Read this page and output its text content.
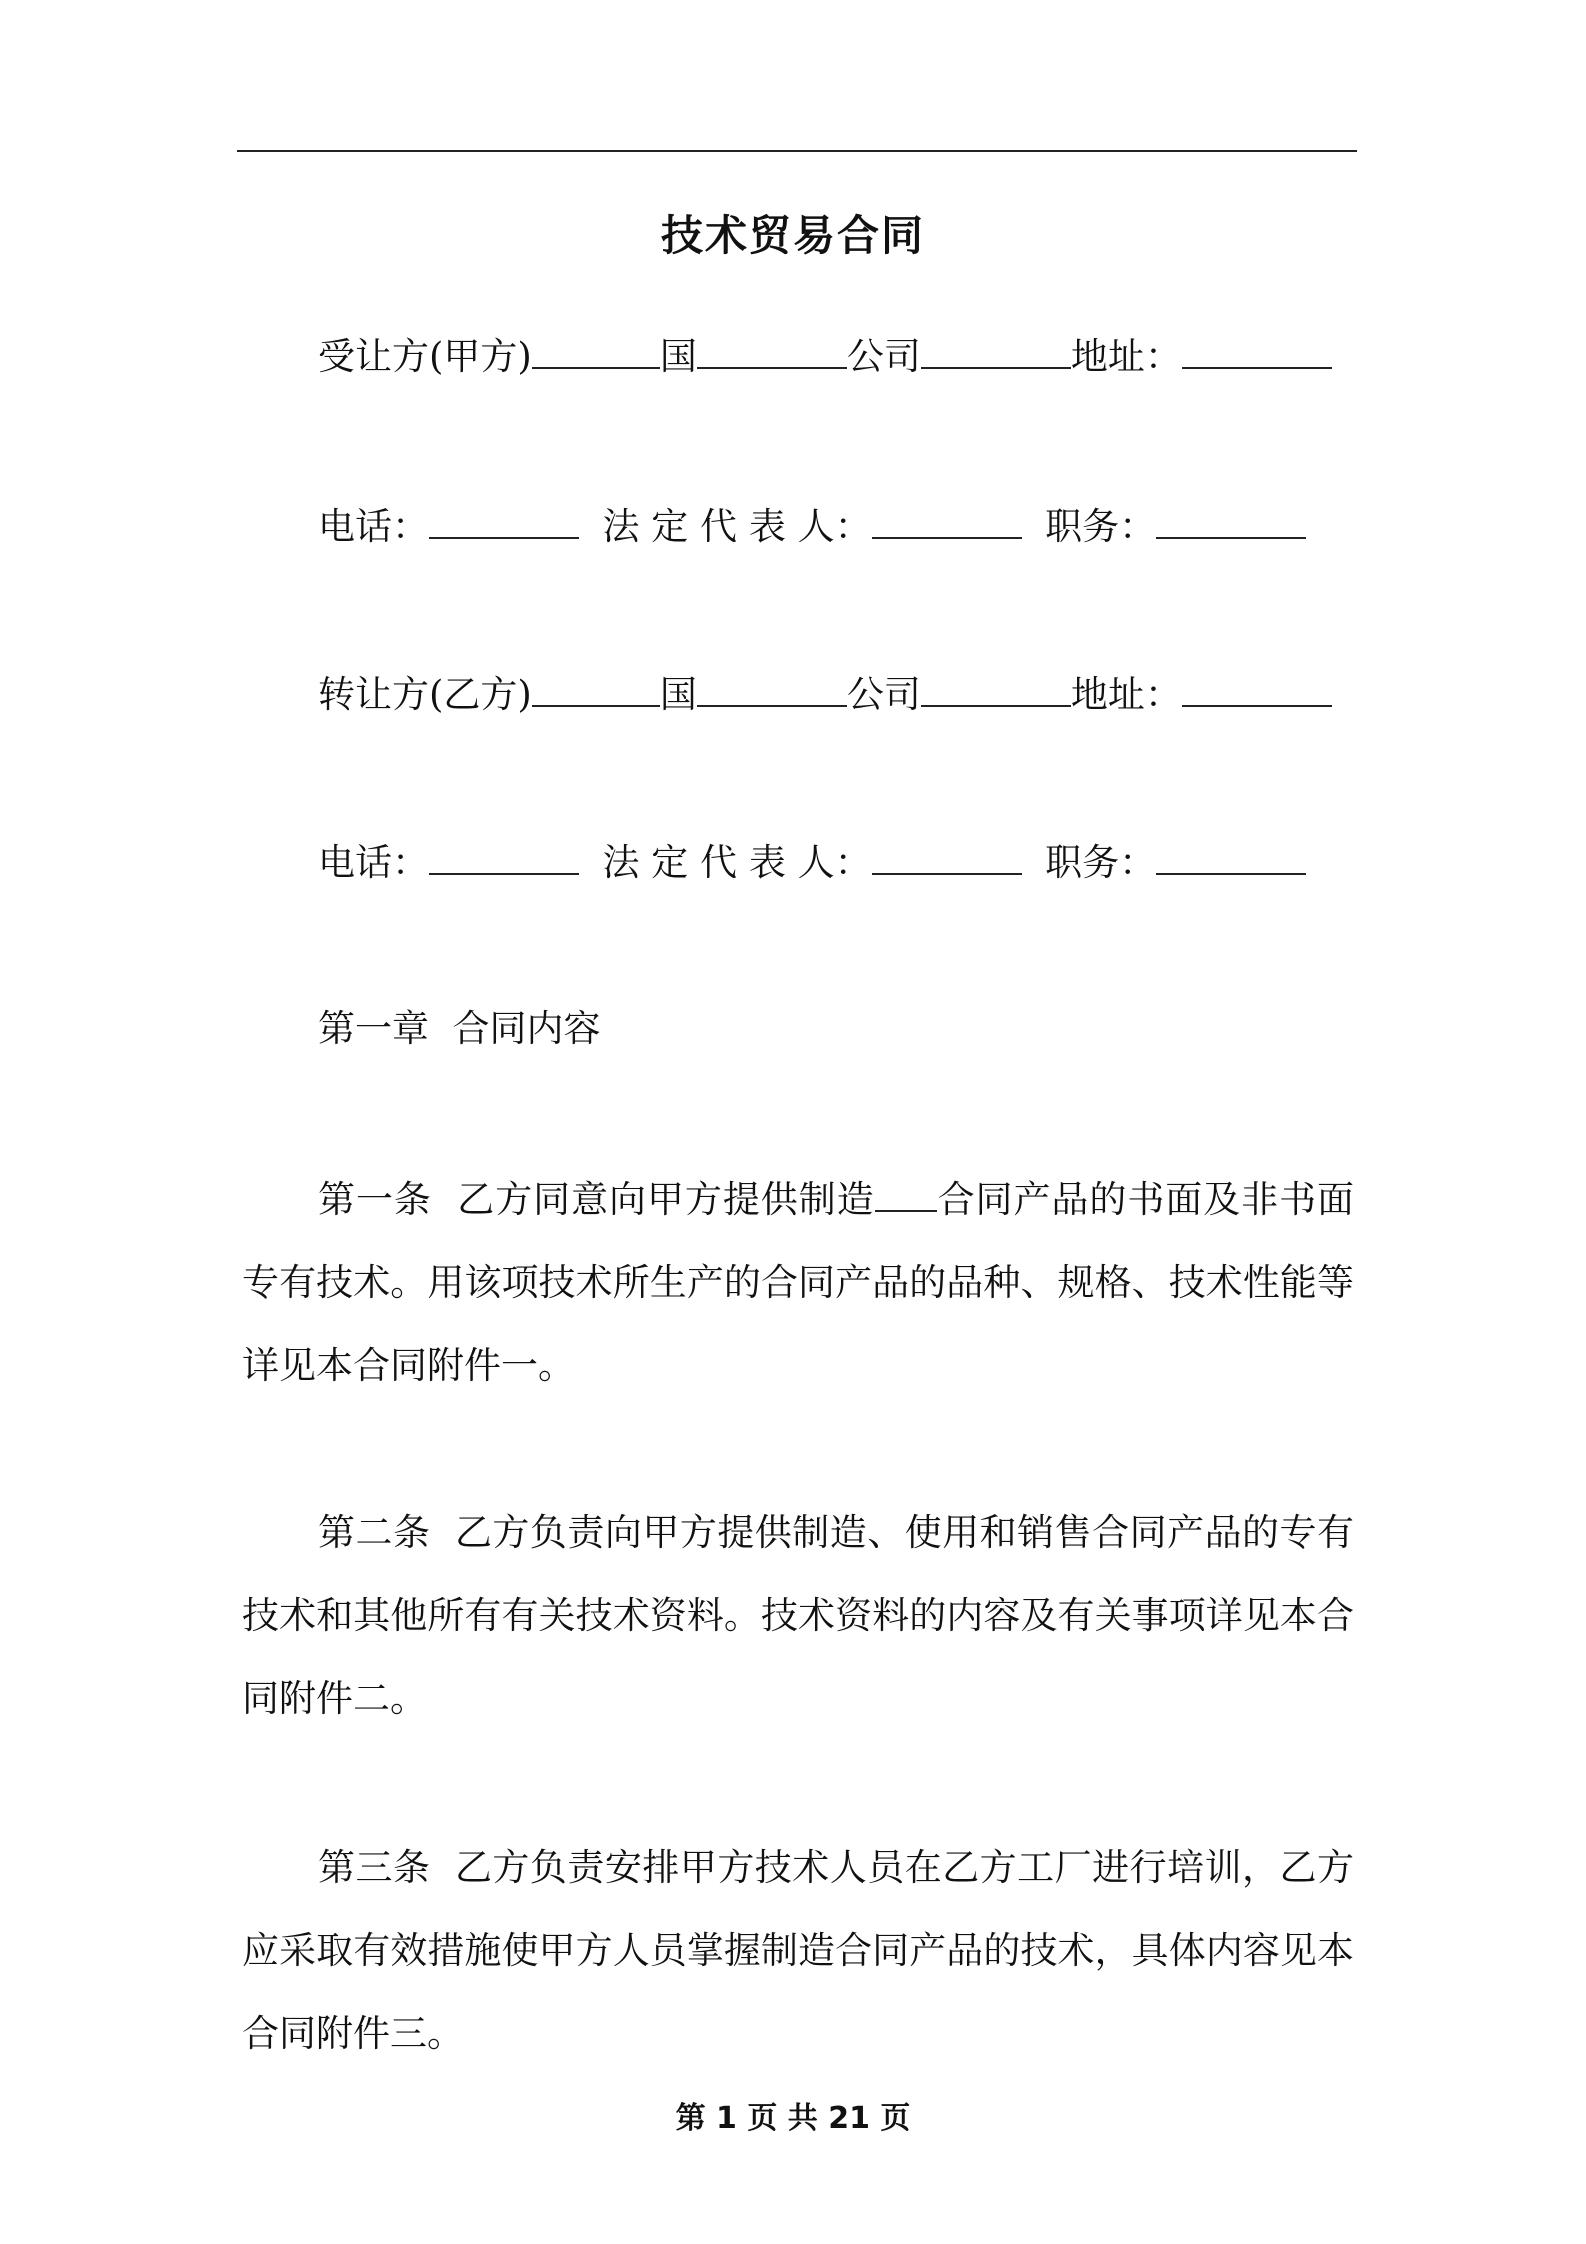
技术贸易合同
受让方(甲方)	国	公司	地址：
电话：	法 定 代 表 人：	职务：
转让方(乙方)	国	公司	地址：
电话：	法 定 代 表 人：	职务：
第一章  合同内容
第一条 乙方同意向甲方提供制造 合同产品的书面及非书面专有技术。用该项技术所生产的合同产品的品种、规格、技术性能等详见本合同附件一。
第二条 乙方负责向甲方提供制造、使用和销售合同产品的专有技术和其他所有有关技术资料。技术资料的内容及有关事项详见本合同附件二。
第三条 乙方负责安排甲方技术人员在乙方工厂进行培训，乙方应采取有效措施使甲方人员掌握制造合同产品的技术，具体内容见本合同附件三。
第 1 页 共 21 页
